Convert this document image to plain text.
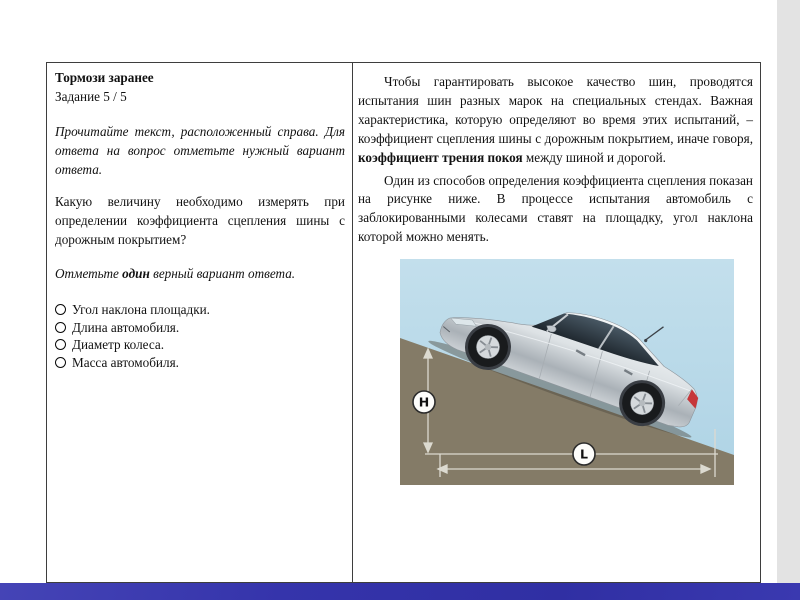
Тормози заранее
Задание 5 / 5
Прочитайте текст, расположенный справа. Для ответа на вопрос отметьте нужный вариант ответа.
Какую величину необходимо измерять при определении коэффициента сцепления шины с дорожным покрытием?
Отметьте один верный вариант ответа.
Угол наклона площадки.
Длина автомобиля.
Диаметр колеса.
Масса автомобиля.

Чтобы гарантировать высокое качество шин, проводятся испытания шин разных марок на специальных стендах. Важная характеристика, которую определяют во время этих испытаний, – коэффициент сцепления шины с дорожным покрытием, иначе говоря, коэффициент трения покоя между шиной и дорогой.

Один из способов определения коэффициента сцепления показан на рисунке ниже. В процессе испытания автомобиль с заблокированными колесами ставят на площадку, угол наклона которой можно менять.

H
L
